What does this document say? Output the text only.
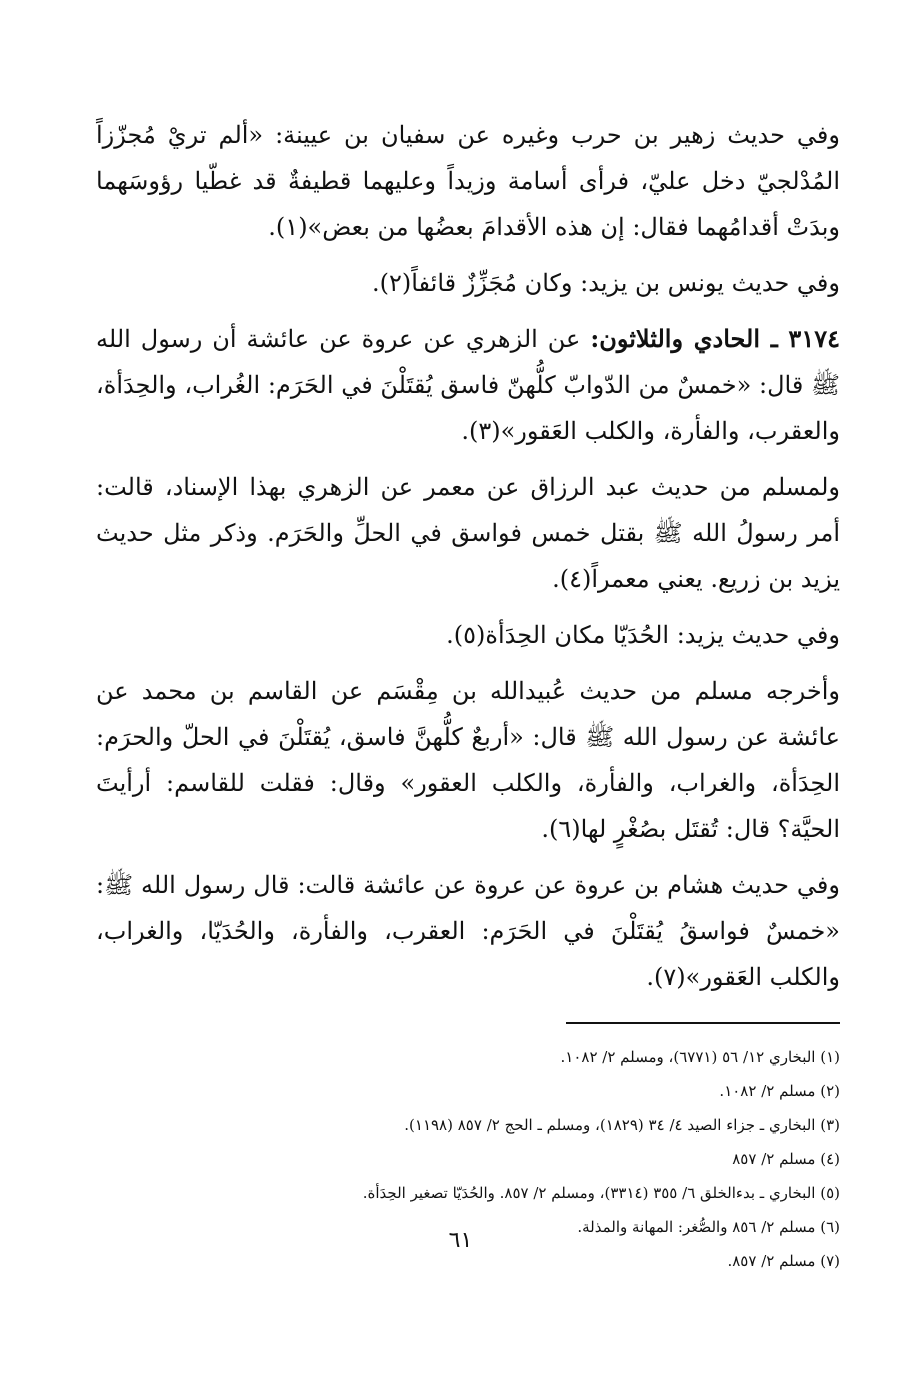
وفي حديث زهير بن حرب وغيره عن سفيان بن عيينة: «ألم تريْ مُجزّزاً المُدْلجيّ دخل عليّ، فرأى أسامة وزيداً وعليهما قطيفةٌ قد غطّيا رؤوسَهما وبدَتْ أقدامُهما فقال: إن هذه الأقدامَ بعضُها من بعض»(١).

وفي حديث يونس بن يزيد: وكان مُجَزِّزٌ قائفاً(٢).

٣١٧٤ ـ الحادي والثلاثون: عن الزهري عن عروة عن عائشة أن رسول الله ﷺ قال: «خمسٌ من الدّوابّ كلُّهنّ فاسق يُقتَلْنَ في الحَرَم: الغُراب، والحِدَأة، والعقرب، والفأرة، والكلب العَقور»(٣).

ولمسلم من حديث عبد الرزاق عن معمر عن الزهري بهذا الإسناد، قالت: أمر رسولُ الله ﷺ بقتل خمس فواسق في الحلِّ والحَرَم. وذكر مثل حديث يزيد بن زريع. يعني معمراً(٤).

وفي حديث يزيد: الحُدَيّا مكان الحِدَأة(٥).

وأخرجه مسلم من حديث عُبيدالله بن مِقْسَم عن القاسم بن محمد عن عائشة عن رسول الله ﷺ قال: «أربعٌ كلُّهنَّ فاسق، يُقتَلْنَ في الحلّ والحرَم: الحِدَأة، والغراب، والفأرة، والكلب العقور» وقال: فقلت للقاسم: أرأيتَ الحيَّة؟ قال: تُقتَل بصُغْرٍ لها(٦).

وفي حديث هشام بن عروة عن عروة عن عائشة قالت: قال رسول الله ﷺ: «خمسٌ فواسقُ يُقتَلْنَ في الحَرَم: العقرب، والفأرة، والحُدَيّا، والغراب، والكلب العَقور»(٧).

(١) البخاري ١٢/ ٥٦ (٦٧٧١)، ومسلم ٢/ ١٠٨٢.
(٢) مسلم ٢/ ١٠٨٢.
(٣) البخاري ـ جزاء الصيد ٤/ ٣٤ (١٨٢٩)، ومسلم ـ الحج ٢/ ٨٥٧ (١١٩٨).
(٤) مسلم ٢/ ٨٥٧
(٥) البخاري ـ بدءالخلق ٦/ ٣٥٥ (٣٣١٤)، ومسلم ٢/ ٨٥٧. والحُدَيّا تصغير الحِدَأة.
(٦) مسلم ٢/ ٨٥٦ والصُّغر: المهانة والمذلة.
(٧) مسلم ٢/ ٨٥٧.
٦١
